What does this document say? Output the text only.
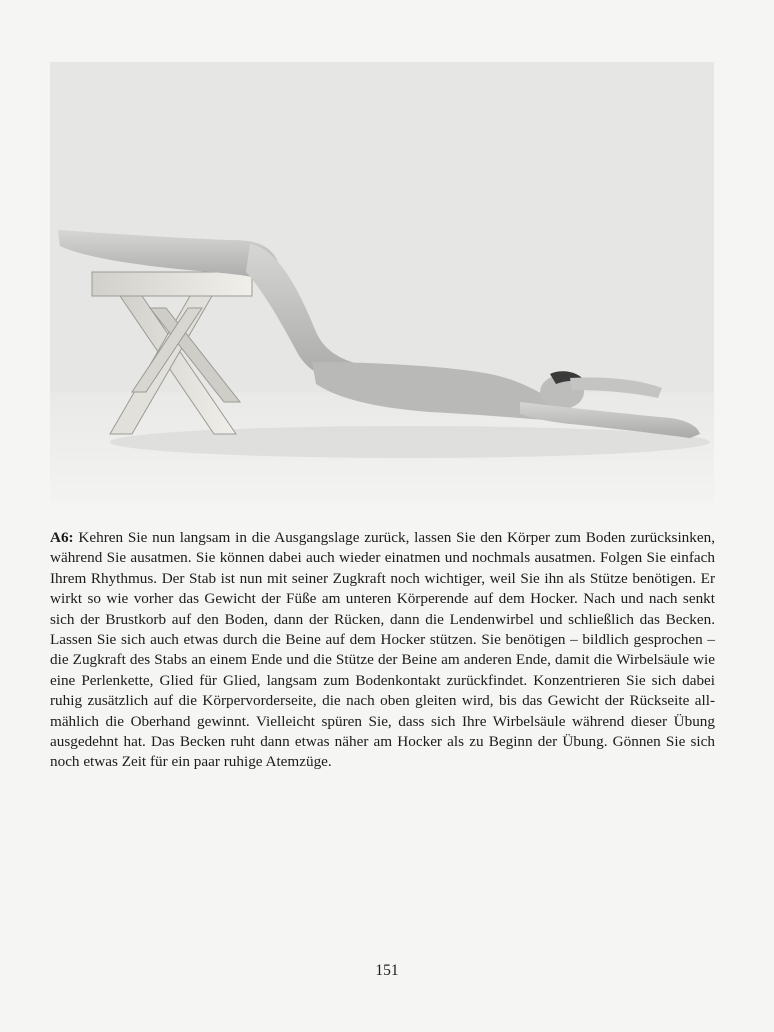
A6: Kehren Sie nun langsam in die Ausgangslage zurück, lassen Sie den Körper zum Boden zurücksinken, während Sie ausatmen. Sie können dabei auch wieder einatmen und nochmals ausatmen. Folgen Sie einfach Ihrem Rhythmus. Der Stab ist nun mit seiner Zugkraft noch wichtiger, weil Sie ihn als Stütze benötigen. Er wirkt so wie vorher das Gewicht der Füße am unteren Körperende auf dem Hocker. Nach und nach senkt sich der Brustkorb auf den Boden, dann der Rücken, dann die Lendenwirbel und schließlich das Becken. Lassen Sie sich auch etwas durch die Beine auf dem Hocker stützen. Sie benötigen – bildlich gesprochen – die Zugkraft des Stabs an einem Ende und die Stütze der Beine am anderen Ende, damit die Wirbelsäule wie eine Perlenkette, Glied für Glied, langsam zum Bodenkontakt zurückfindet. Konzentrieren Sie sich dabei ruhig zusätzlich auf die Körpervorderseite, die nach oben gleiten wird, bis das Gewicht der Rückseite allmählich die Oberhand gewinnt. Vielleicht spüren Sie, dass sich Ihre Wirbelsäule während dieser Übung ausgedehnt hat. Das Becken ruht dann etwas näher am Hocker als zu Beginn der Übung. Gönnen Sie sich noch etwas Zeit für ein paar ruhige Atemzüge.
151
